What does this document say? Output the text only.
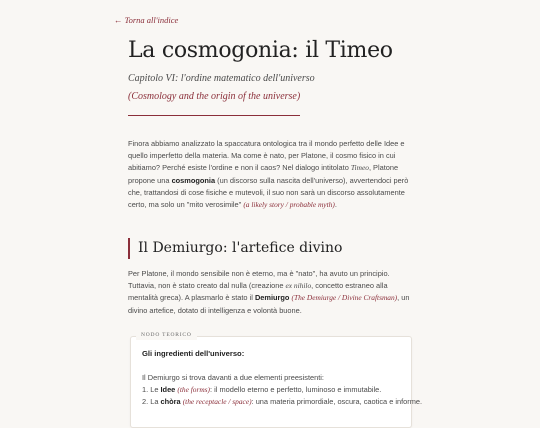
← Torna all'indice
La cosmogonia: il Timeo

Capitolo VI: l'ordine matematico dell'universo

(Cosmology and the origin of the universe)

Finora abbiamo analizzato la spaccatura ontologica tra il mondo perfetto delle Idee e quello imperfetto della materia. Ma come è nato, per Platone, il cosmo fisico in cui abitiamo? Perché esiste l'ordine e non il caos? Nel dialogo intitolato Timeo, Platone propone una cosmogonia (un discorso sulla nascita dell'universo), avvertendoci però che, trattandosi di cose fisiche e mutevoli, il suo non sarà un discorso assolutamente certo, ma solo un "mito verosimile" (a likely story / probable myth).

Il Demiurgo: l'artefice divino

Per Platone, il mondo sensibile non è eterno, ma è "nato", ha avuto un principio. Tuttavia, non è stato creato dal nulla (creazione ex nihilo, concetto estraneo alla mentalità greca). A plasmarlo è stato il Demiurgo (The Demiurge / Divine Craftsman), un divino artefice, dotato di intelligenza e volontà buone.

NODO TEORICO
Gli ingredienti dell'universo:
Il Demiurgo si trova davanti a due elementi preesistenti:
1. Le Idee (the forms): il modello eterno e perfetto, luminoso e immutabile.
2. La chòra (the receptacle / space): una materia primordiale, oscura, caotica e informe.
